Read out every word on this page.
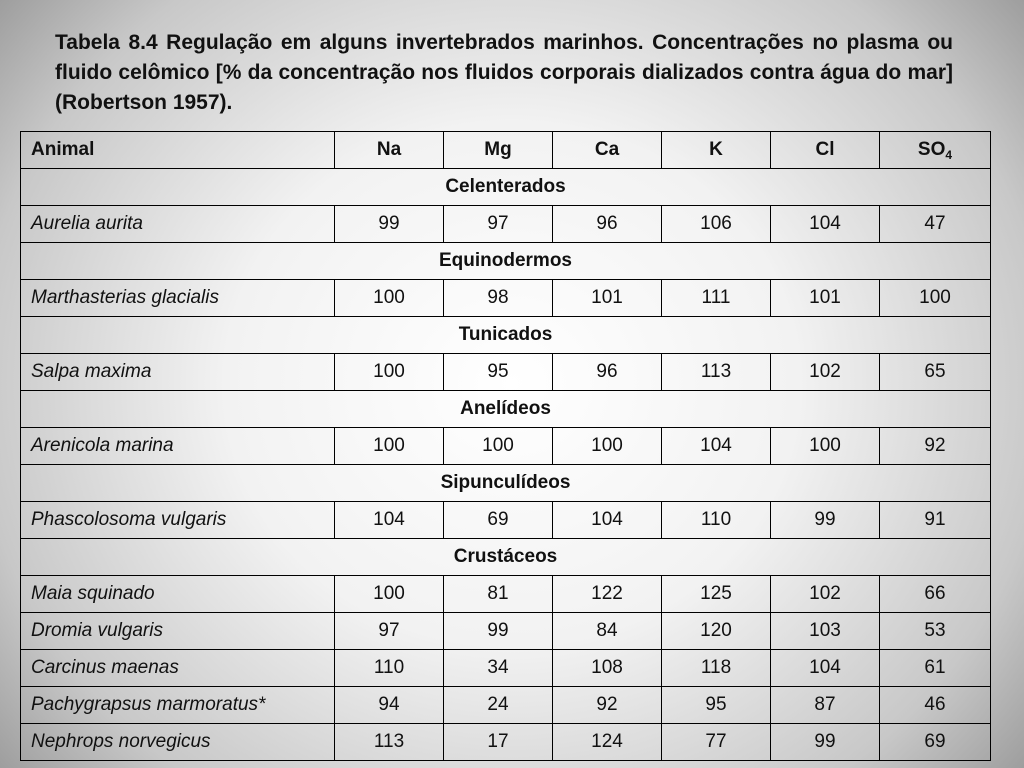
Tabela 8.4 Regulação em alguns invertebrados marinhos. Concentrações no plasma ou fluido celômico [% da concentração nos fluidos corporais dializados contra água do mar] (Robertson 1957).
Animal	Na	Mg	Ca	K	Cl	$SO_4$
Celenterados						
Aurelia aurita	99	97	96	106	104	47
Equinodermos						
Marthasterias glacialis	100	98	101	111	101	100
Tunicados						
Salpa maxima	100	95	96	113	102	65
Anelídeos						
Arenicola marina	100	100	100	104	100	92
Sipunculídeos						
Phascolosoma vulgaris	104	69	104	110	99	91
Crustáceos						
Maia squinado	100	81	122	125	102	66
Dromia vulgaris	97	99	84	120	103	53
Carcinus maenas	110	34	108	118	104	61
Pachygrapsus marmoratus*	94	24	92	95	87	46
Nephrops norvegicus	113	17	124	77	99	69
